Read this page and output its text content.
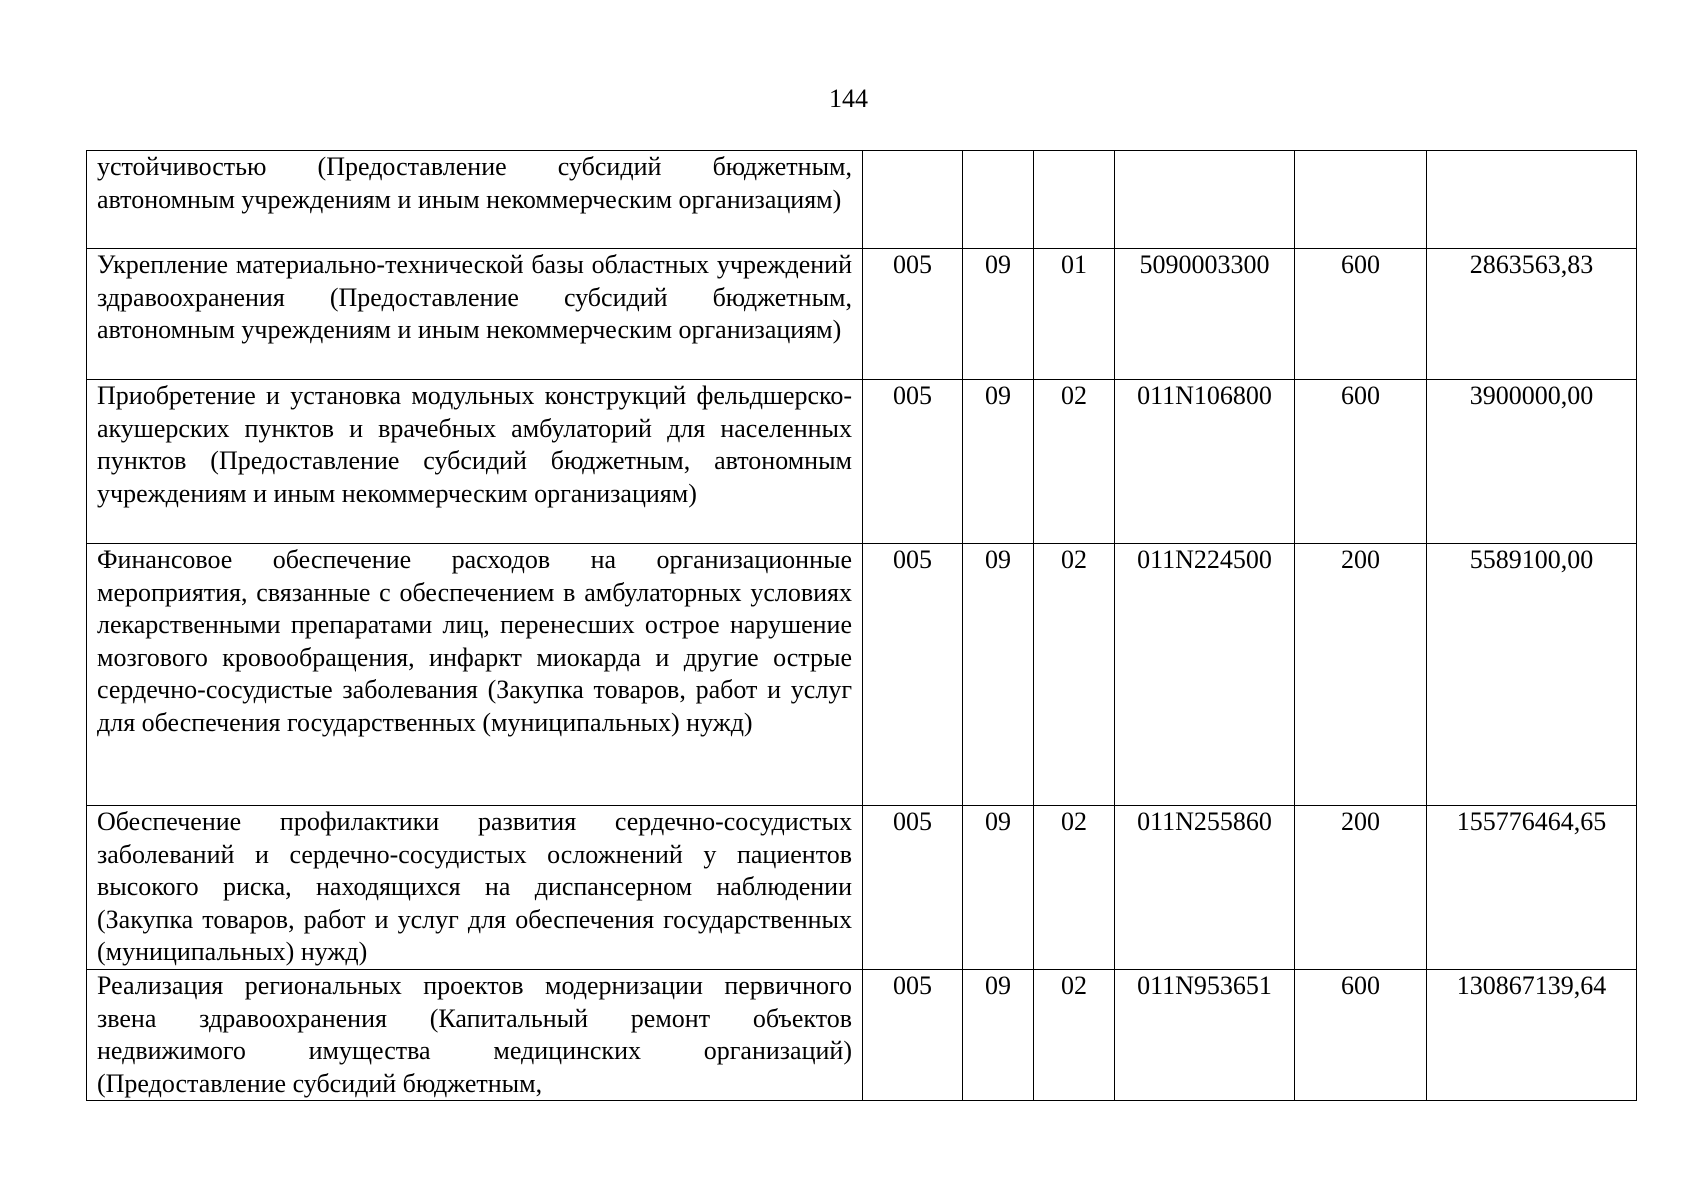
144
устойчивостью (Предоставление субсидий бюджетным, автономным учреждениям и иным некоммерческим организациям)						
Укрепление материально-технической базы областных учреждений здравоохранения (Предоставление субсидий бюджетным, автономным учреждениям и иным некоммерческим организациям)	005	09	01	5090003300	600	2863563,83
Приобретение и установка модульных конструкций фельдшерско-акушерских пунктов и врачебных амбулаторий для населенных пунктов (Предоставление субсидий бюджетным, автономным учреждениям и иным некоммерческим организациям)	005	09	02	011N106800	600	3900000,00
Финансовое обеспечение расходов на организационные мероприятия, связанные с обеспечением в амбулаторных условиях лекарственными препаратами лиц, перенесших острое нарушение мозгового кровообращения, инфаркт миокарда и другие острые сердечно-сосудистые заболевания (Закупка товаров, работ и услуг для обеспечения государственных (муниципальных) нужд)	005	09	02	011N224500	200	5589100,00
Обеспечение профилактики развития сердечно-сосудистых заболеваний и сердечно-сосудистых осложнений у пациентов высокого риска, находящихся на диспансерном наблюдении (Закупка товаров, работ и услуг для обеспечения государственных (муниципальных) нужд)	005	09	02	011N255860	200	155776464,65
Реализация региональных проектов модернизации первичного звена здравоохранения (Капитальный ремонт объектов недвижимого имущества медицинских организаций) (Предоставление субсидий бюджетным,	005	09	02	011N953651	600	130867139,64
